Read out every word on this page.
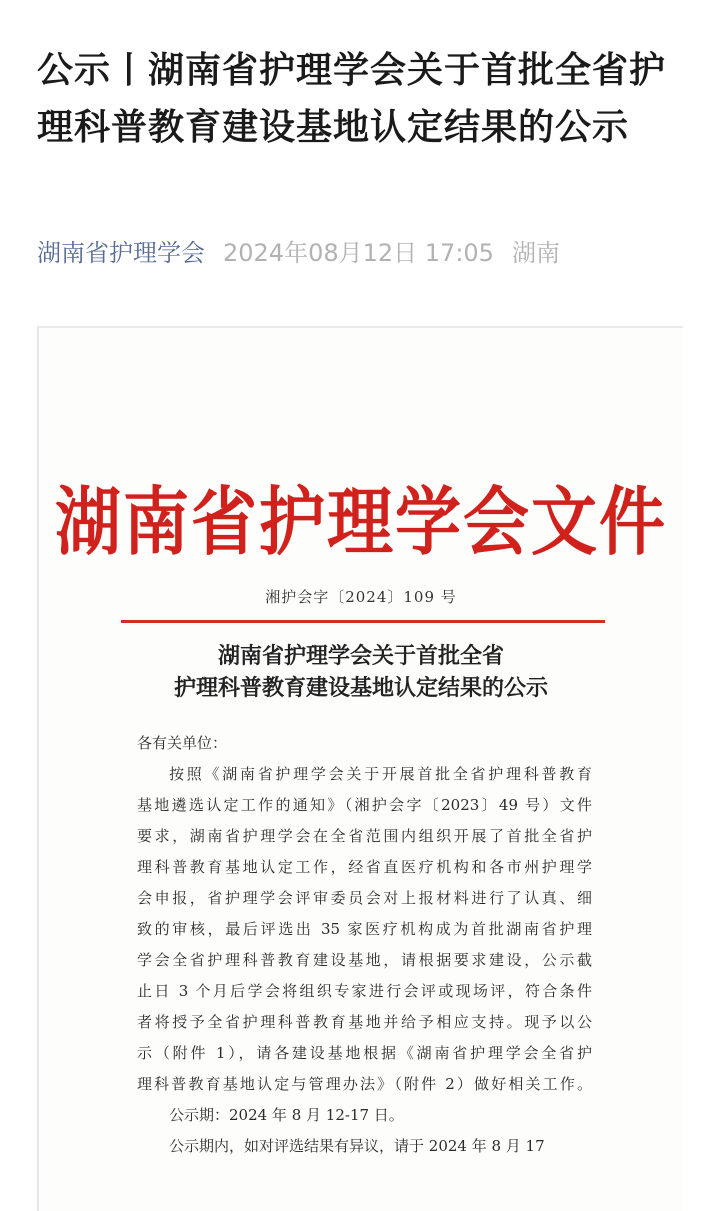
公示丨湖南省护理学会关于首批全省护理科普教育建设基地认定结果的公示
湖南省护理学会 2024年08月12日 17:05 湖南
湖南省护理学会文件
湘护会字〔2024〕109 号
湖南省护理学会关于首批全省
护理科普教育建设基地认定结果的公示
各有关单位：
按照《湖南省护理学会关于开展首批全省护理科普教育
基地遴选认定工作的通知》（湘护会字〔2023〕49 号）文件
要求，湖南省护理学会在全省范围内组织开展了首批全省护
理科普教育基地认定工作，经省直医疗机构和各市州护理学
会申报，省护理学会评审委员会对上报材料进行了认真、细
致的审核，最后评选出 35 家医疗机构成为首批湖南省护理
学会全省护理科普教育建设基地，请根据要求建设，公示截
止日 3 个月后学会将组织专家进行会评或现场评，符合条件
者将授予全省护理科普教育基地并给予相应支持。现予以公
示（附件 1），请各建设基地根据《湖南省护理学会全省护
理科普教育基地认定与管理办法》（附件 2）做好相关工作。
公示期：2024 年 8 月 12-17 日。
公示期内，如对评选结果有异议，请于 2024 年 8 月 17
